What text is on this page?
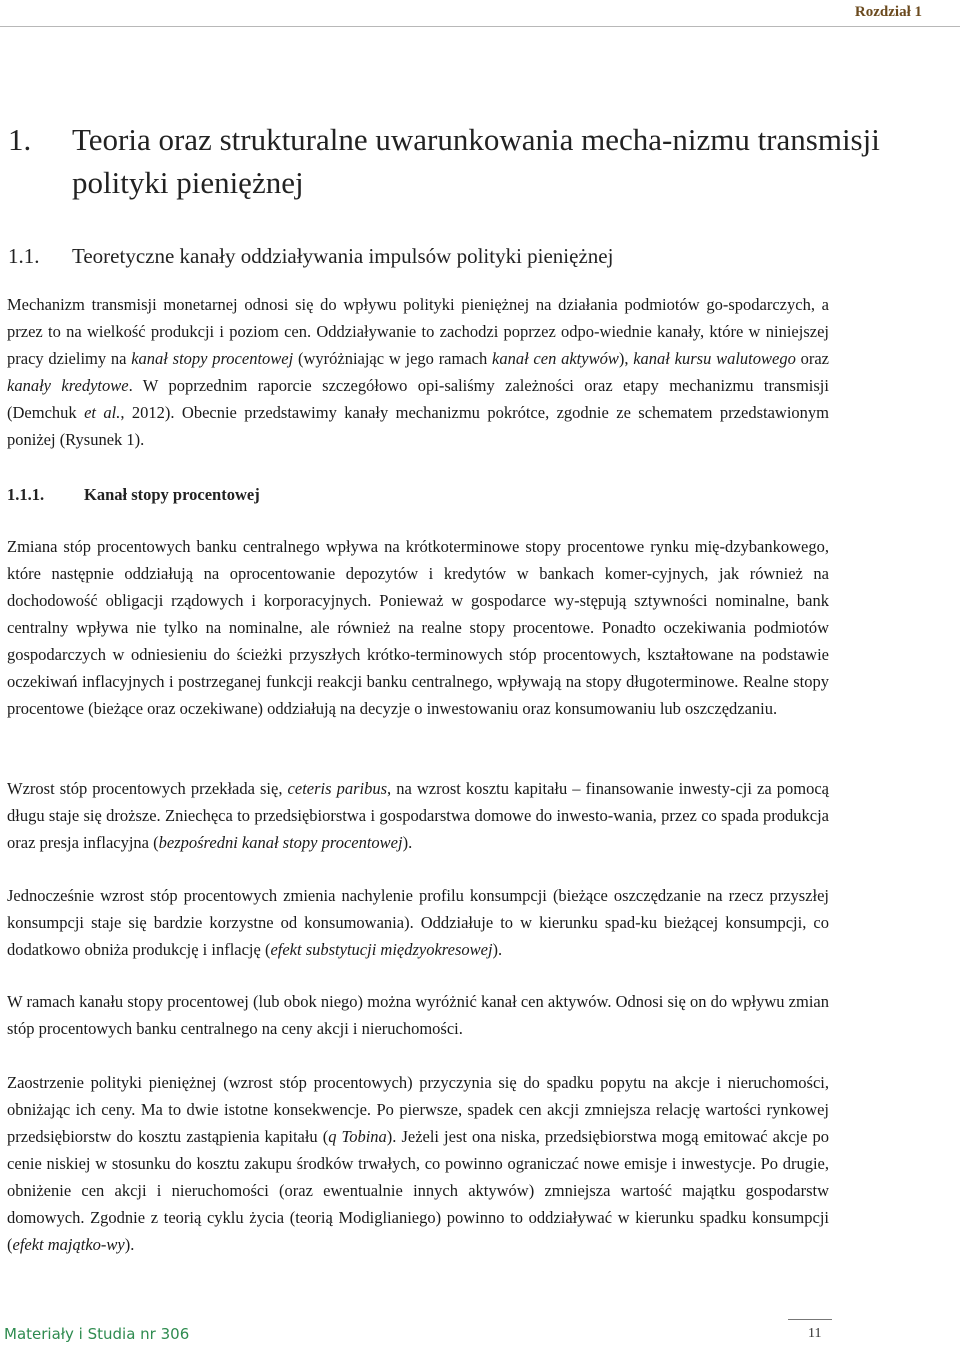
Rozdział 1
1. Teoria oraz strukturalne uwarunkowania mecha-nizmu transmisji polityki pieniężnej
1.1. Teoretyczne kanały oddziaływania impulsów polityki pieniężnej

Mechanizm transmisji monetarnej odnosi się do wpływu polityki pieniężnej na działania podmiotów go-spodarczych, a przez to na wielkość produkcji i poziom cen. Oddziaływanie to zachodzi poprzez odpo-wiednie kanały, które w niniejszej pracy dzielimy na kanał stopy procentowej (wyróżniając w jego ramach kanał cen aktywów), kanał kursu walutowego oraz kanały kredytowe. W poprzednim raporcie szczegółowo opi-saliśmy zależności oraz etapy mechanizmu transmisji (Demchuk et al., 2012). Obecnie przedstawimy kanały mechanizmu pokrótce, zgodnie ze schematem przedstawionym poniżej (Rysunek 1).

1.1.1. Kanał stopy procentowej

Zmiana stóp procentowych banku centralnego wpływa na krótkoterminowe stopy procentowe rynku mię-dzybankowego, które następnie oddziałują na oprocentowanie depozytów i kredytów w bankach komer-cyjnych, jak również na dochodowość obligacji rządowych i korporacyjnych. Ponieważ w gospodarce wy-stępują sztywności nominalne, bank centralny wpływa nie tylko na nominalne, ale również na realne stopy procentowe. Ponadto oczekiwania podmiotów gospodarczych w odniesieniu do ścieżki przyszłych krótko-terminowych stóp procentowych, kształtowane na podstawie oczekiwań inflacyjnych i postrzeganej funkcji reakcji banku centralnego, wpływają na stopy długoterminowe. Realne stopy procentowe (bieżące oraz oczekiwane) oddziałują na decyzje o inwestowaniu oraz konsumowaniu lub oszczędzaniu.

Wzrost stóp procentowych przekłada się, ceteris paribus, na wzrost kosztu kapitału – finansowanie inwesty-cji za pomocą długu staje się droższe. Zniechęca to przedsiębiorstwa i gospodarstwa domowe do inwesto-wania, przez co spada produkcja oraz presja inflacyjna (bezpośredni kanał stopy procentowej).

Jednocześnie wzrost stóp procentowych zmienia nachylenie profilu konsumpcji (bieżące oszczędzanie na rzecz przyszłej konsumpcji staje się bardzie korzystne od konsumowania). Oddziałuje to w kierunku spad-ku bieżącej konsumpcji, co dodatkowo obniża produkcję i inflację (efekt substytucji międzyokresowej).

W ramach kanału stopy procentowej (lub obok niego) można wyróżnić kanał cen aktywów. Odnosi się on do wpływu zmian stóp procentowych banku centralnego na ceny akcji i nieruchomości.

Zaostrzenie polityki pieniężnej (wzrost stóp procentowych) przyczynia się do spadku popytu na akcje i nieruchomości, obniżając ich ceny. Ma to dwie istotne konsekwencje. Po pierwsze, spadek cen akcji zmniejsza relację wartości rynkowej przedsiębiorstw do kosztu zastąpienia kapitału (q Tobina). Jeżeli jest ona niska, przedsiębiorstwa mogą emitować akcje po cenie niskiej w stosunku do kosztu zakupu środków trwałych, co powinno ograniczać nowe emisje i inwestycje. Po drugie, obniżenie cen akcji i nieruchomości (oraz ewentualnie innych aktywów) zmniejsza wartość majątku gospodarstw domowych. Zgodnie z teorią cyklu życia (teorią Modiglianiego) powinno to oddziaływać w kierunku spadku konsumpcji (efekt majątko-wy).

Materiały i Studia nr 306	11
